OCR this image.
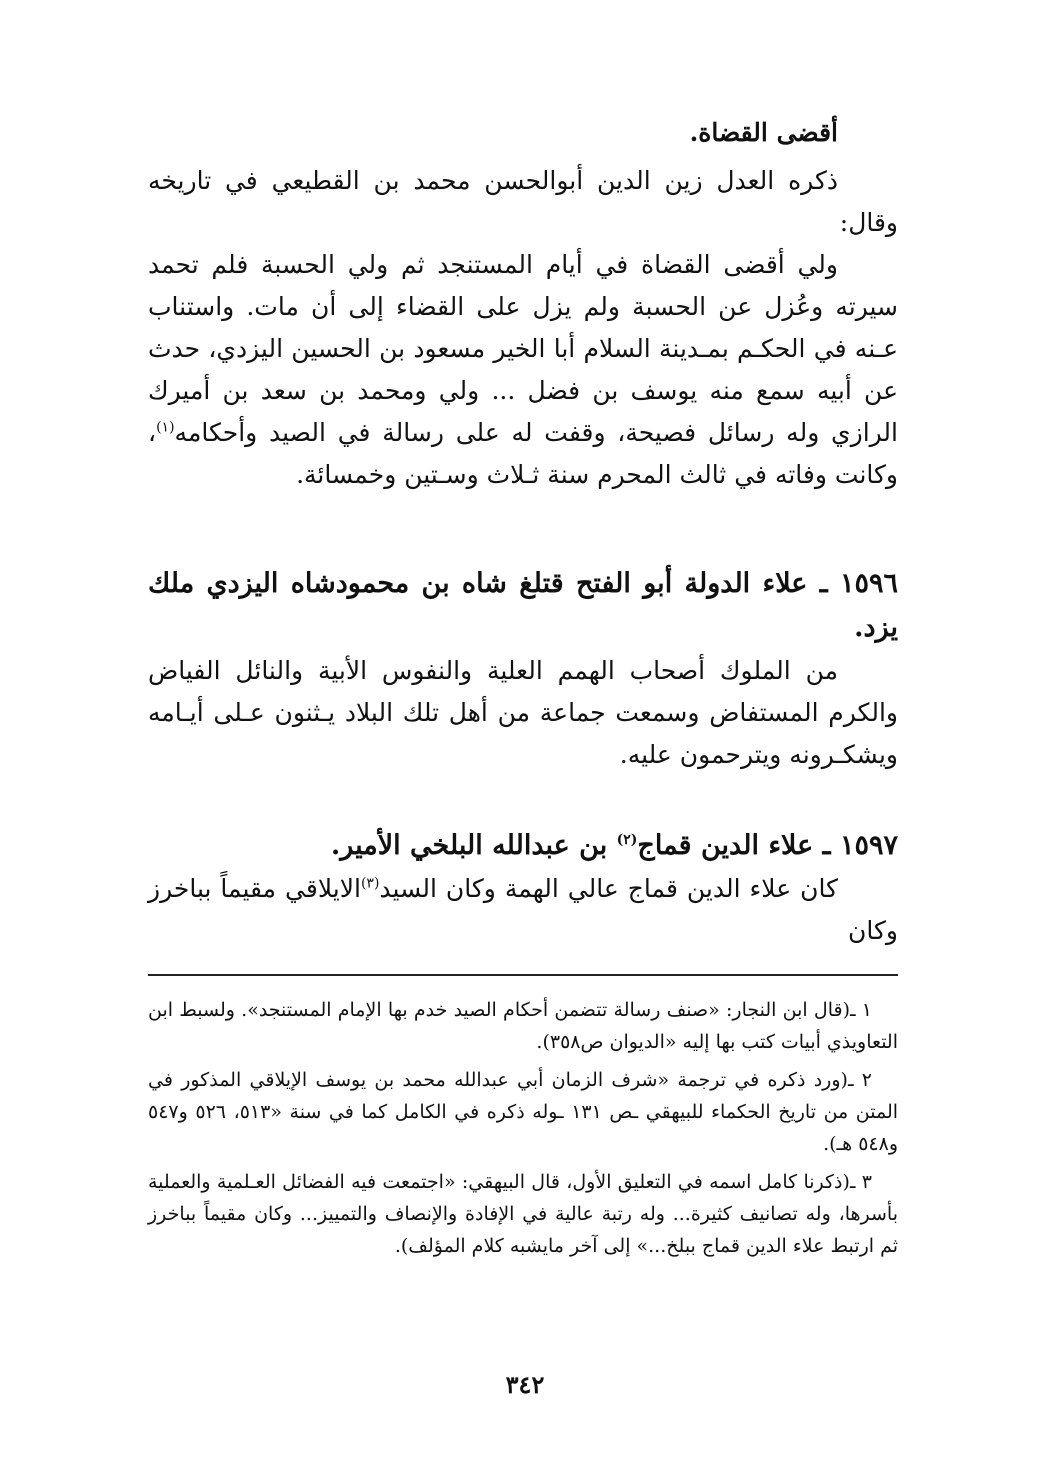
أقضى القضاة.

ذكره العدل زين الدين أبوالحسن محمد بن القطيعي في تاريخه وقال:

ولي أقضى القضاة في أيام المستنجد ثم ولي الحسبة فلم تحمد سيرته وعُزل عن الحسبة ولم يزل على القضاء إلى أن مات. واستناب عـنه في الحكـم بمـدينة السلام أبا الخير مسعود بن الحسين اليزدي، حدث عن أبيه سمع منه يوسف بن فضل ... ولي ومحمد بن سعد بن أميرك الرازي وله رسائل فصيحة، وقفت له على رسالة في الصيد وأحكامه$^{(١)}$، وكانت وفاته في ثالث المحرم سنة ثـلاث وسـتين وخمسائة.

١٥٩٦ ـ علاء الدولة أبو الفتح قتلغ شاه بن محمودشاه اليزدي ملك يزد.

من الملوك أصحاب الهمم العلية والنفوس الأبية والنائل الفياض والكرم المستفاض وسمعت جماعة من أهل تلك البلاد يـثنون عـلى أيـامه ويشكـرونه ويترحمون عليه.

١٥٩٧ ـ علاء الدين قماج$^{(٢)}$ بن عبدالله البلخي الأمير.

كان علاء الدين قماج عالي الهمة وكان السيد$^{(٣)}$الايلاقي مقيماً بباخرز وكان

١ ـ(قال ابن النجار: «صنف رسالة تتضمن أحكام الصيد خدم بها الإمام المستنجد». ولسبط ابن التعاويذي أبيات كتب بها إليه «الديوان ص٣٥٨).

٢ ـ(ورد ذكره في ترجمة «شرف الزمان أبي عبدالله محمد بن يوسف الإيلاقي المذكور في المتن من تاريخ الحكماء للبيهقي ـص ١٣١ ـوله ذكره في الكامل كما في سنة «٥١٣، ٥٢٦ و٥٤٧ و٥٤٨ هـ).

٣ ـ(ذكرنا كامل اسمه في التعليق الأول، قال البيهقي: «اجتمعت فيه الفضائل العـلمية والعملية بأسرها، وله تصانيف كثيرة... وله رتبة عالية في الإفادة والإنصاف والتمييز... وكان مقيماً بباخرز ثم ارتبط علاء الدين قماج ببلخ...» إلى آخر مايشبه كلام المؤلف).

٣٤٢
